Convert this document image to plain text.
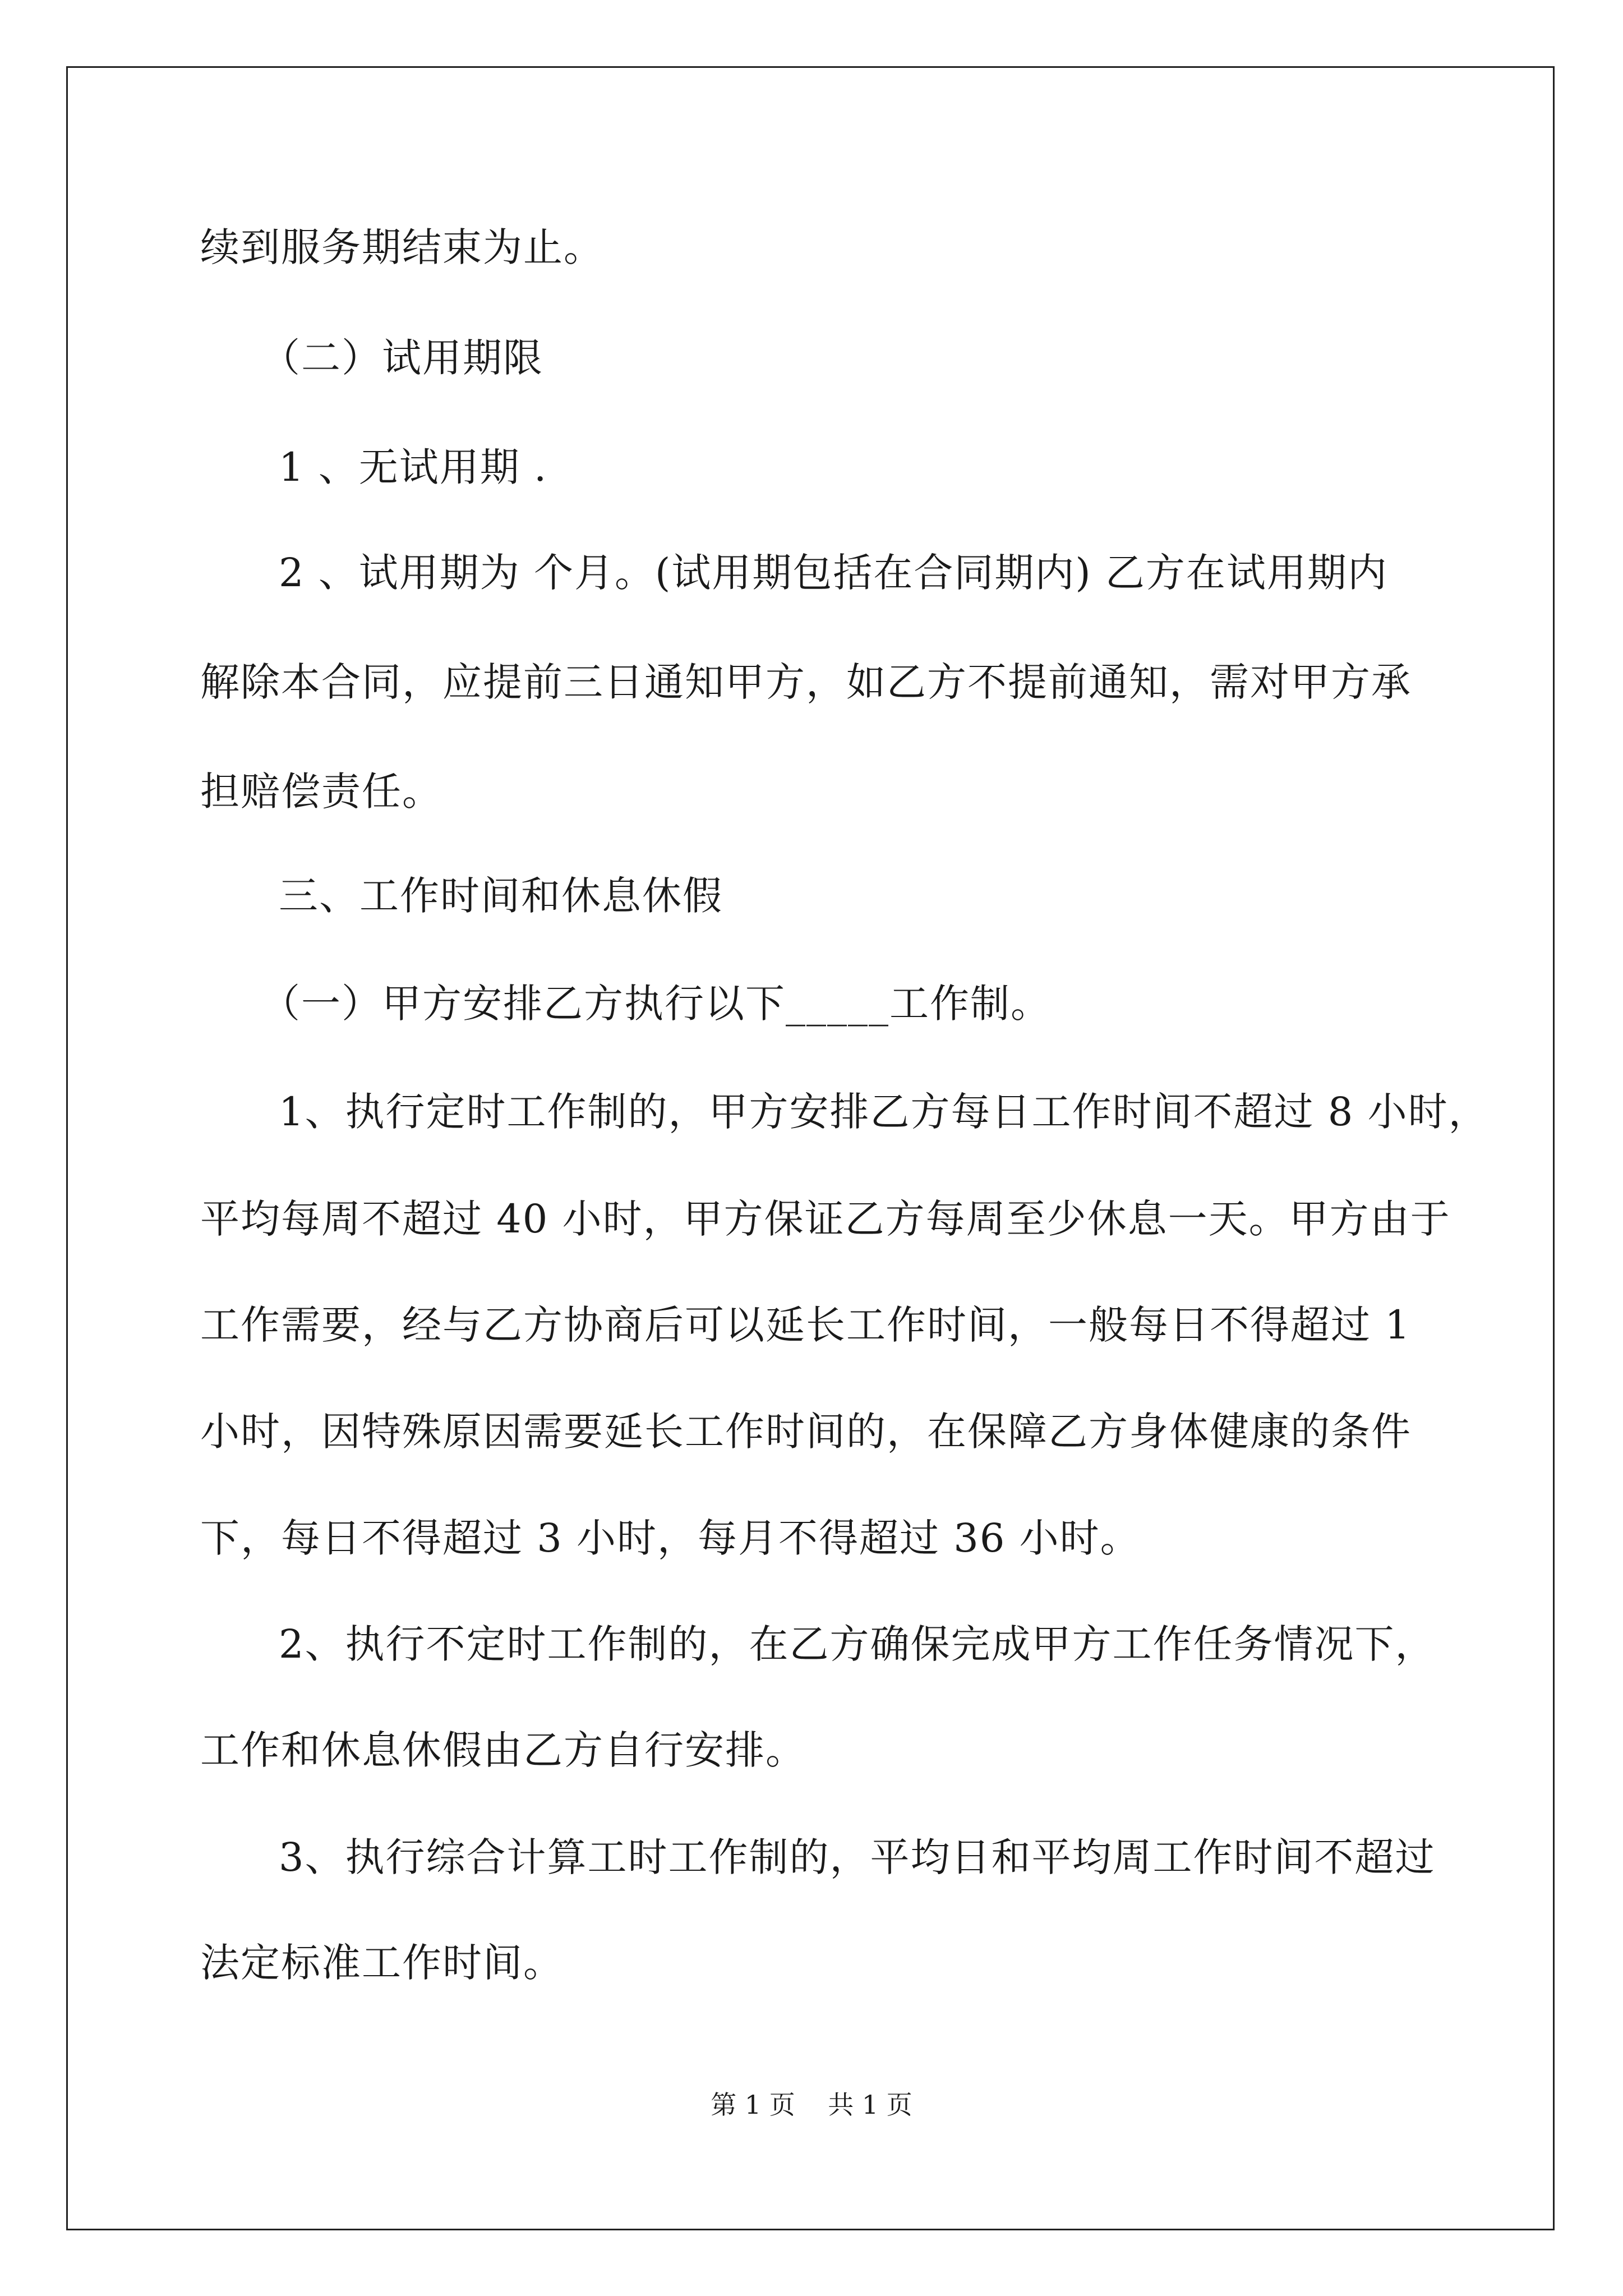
续到服务期结束为止。

（二）试用期限

1 、无试用期 .

2 、试用期为 个月。(试用期包括在合同期内) 乙方在试用期内

解除本合同，应提前三日通知甲方，如乙方不提前通知，需对甲方承

担赔偿责任。

三、工作时间和休息休假

（一）甲方安排乙方执行以下_____工作制。

1、执行定时工作制的，甲方安排乙方每日工作时间不超过 8 小时，

平均每周不超过 40 小时，甲方保证乙方每周至少休息一天。甲方由于

工作需要，经与乙方协商后可以延长工作时间，一般每日不得超过 1

小时，因特殊原因需要延长工作时间的，在保障乙方身体健康的条件

下，每日不得超过 3 小时，每月不得超过 36 小时。

2、执行不定时工作制的，在乙方确保完成甲方工作任务情况下，

工作和休息休假由乙方自行安排。

3、执行综合计算工时工作制的，平均日和平均周工作时间不超过

法定标准工作时间。

第 1 页    共 1 页
